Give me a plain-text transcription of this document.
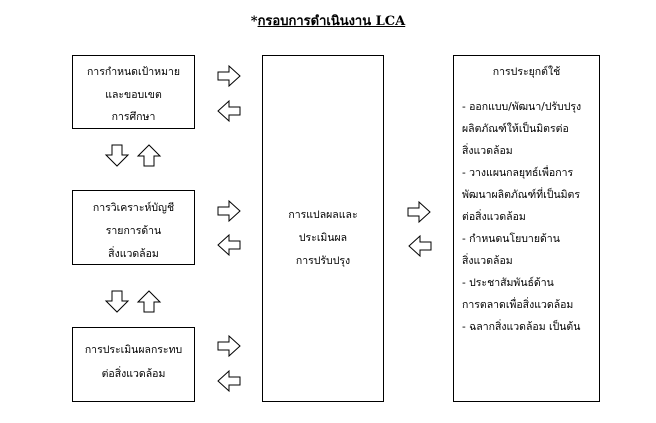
*กรอบการดำเนินงาน LCA
การกำหนดเป้าหมาย
และขอบเขต
การศึกษา
การวิเคราะห์บัญชี
รายการด้าน
สิ่งแวดล้อม
การประเมินผลกระทบ
ต่อสิ่งแวดล้อม
การแปลผลและ
ประเมินผล
การปรับปรุง
การประยุกต์ใช้
- ออกแบบ/พัฒนา/ปรับปรุง
ผลิตภัณฑ์ให้เป็นมิตรต่อ
สิ่งแวดล้อม
- วางแผนกลยุทธ์เพื่อการ
พัฒนาผลิตภัณฑ์ที่เป็นมิตร
ต่อสิ่งแวดล้อม
- กำหนดนโยบายด้าน
สิ่งแวดล้อม
- ประชาสัมพันธ์ด้าน
การตลาดเพื่อสิ่งแวดล้อม
- ฉลากสิ่งแวดล้อม เป็นต้น
